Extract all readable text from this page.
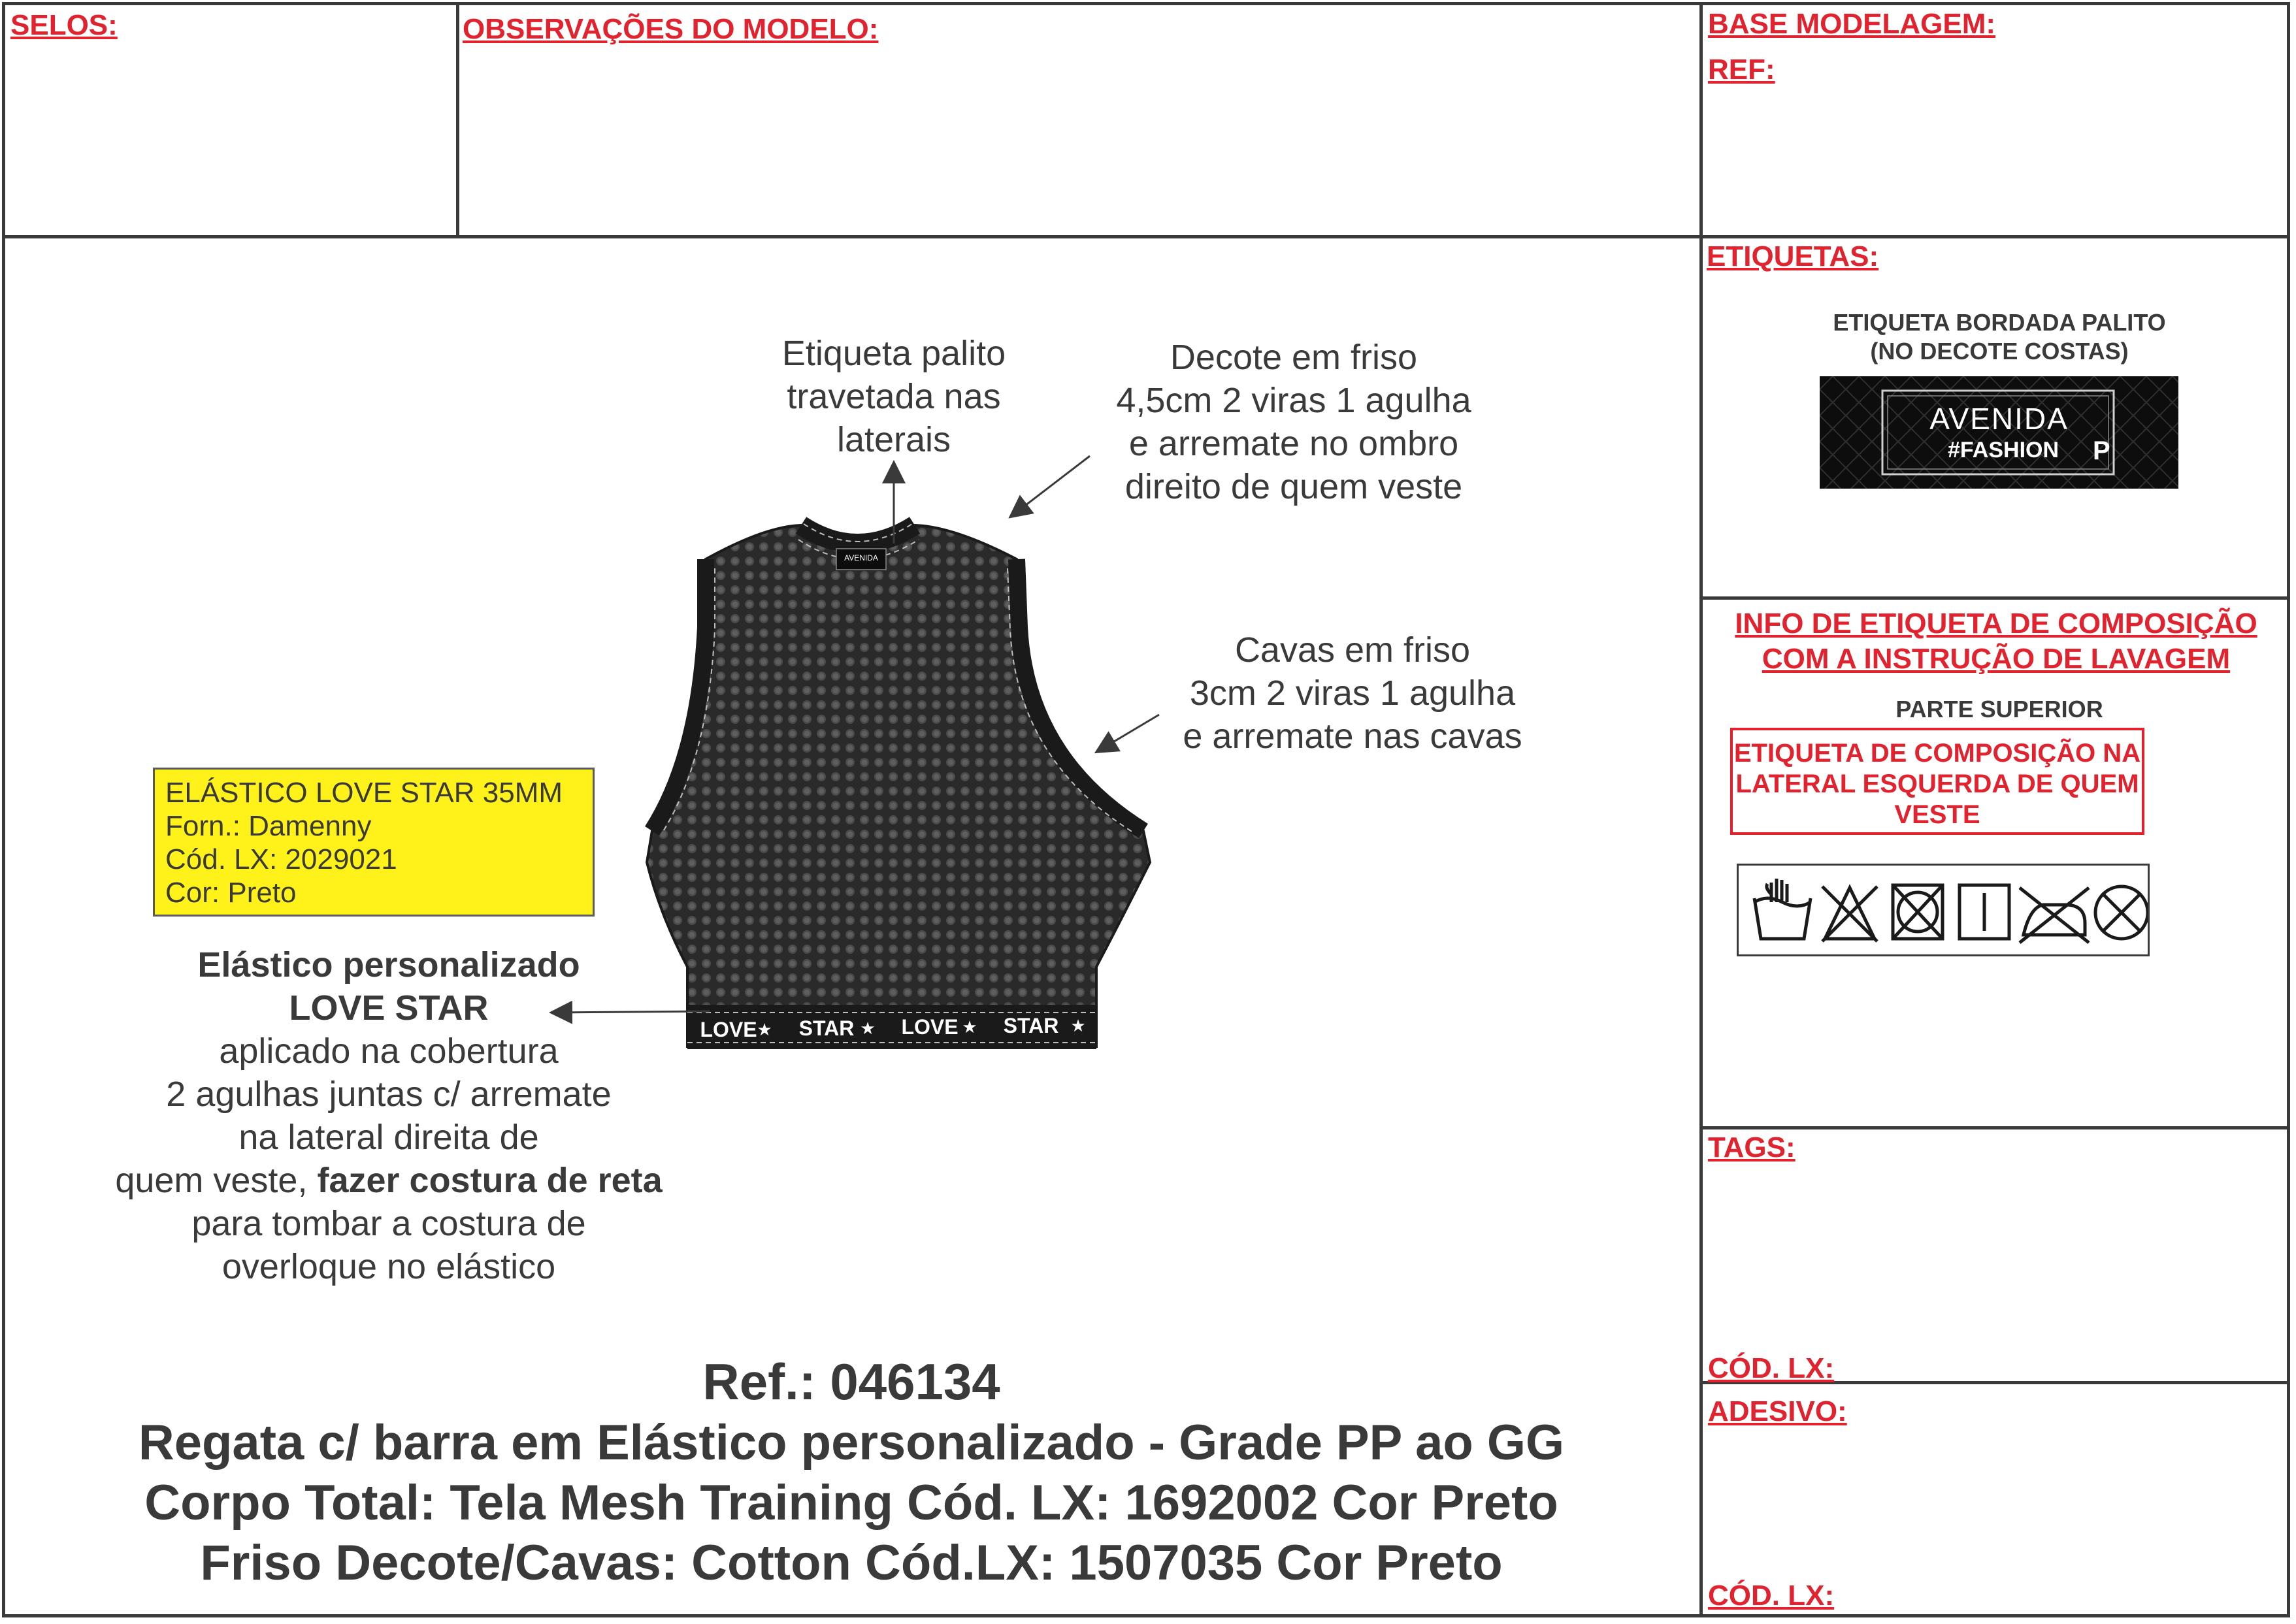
SELOS:	OBSERVAÇÕES DO MODELO:	BASE MODELAGEM:
REF:
ETIQUETAS:
ETIQUETA BORDADA PALITO
(NO DECOTE COSTAS)
AVENIDA
#FASHION P
INFO DE ETIQUETA DE COMPOSIÇÃO
COM A INSTRUÇÃO DE LAVAGEM
PARTE SUPERIOR
ETIQUETA DE COMPOSIÇÃO NA
LATERAL ESQUERDA DE QUEM
VESTE
TAGS:
CÓD. LX:
ADESIVO:
CÓD. LX:
AVENIDA
LOVE ★ STAR ★ LOVE ★ STAR ★
Etiqueta palito
travetada nas
laterais
Decote em friso
4,5cm 2 viras 1 agulha
e arremate no ombro
direito de quem veste
Cavas em friso
3cm 2 viras 1 agulha
e arremate nas cavas
ELÁSTICO LOVE STAR 35MM
Forn.: Damenny
Cód. LX: 2029021
Cor: Preto
Elástico personalizado
LOVE STAR
aplicado na cobertura
2 agulhas juntas c/ arremate
na lateral direita de
quem veste, fazer costura de reta
para tombar a costura de
overloque no elástico
Ref.: 046134
Regata c/ barra em Elástico personalizado - Grade PP ao GG
Corpo Total: Tela Mesh Training Cód. LX: 1692002 Cor Preto
Friso Decote/Cavas: Cotton Cód.LX: 1507035 Cor Preto
